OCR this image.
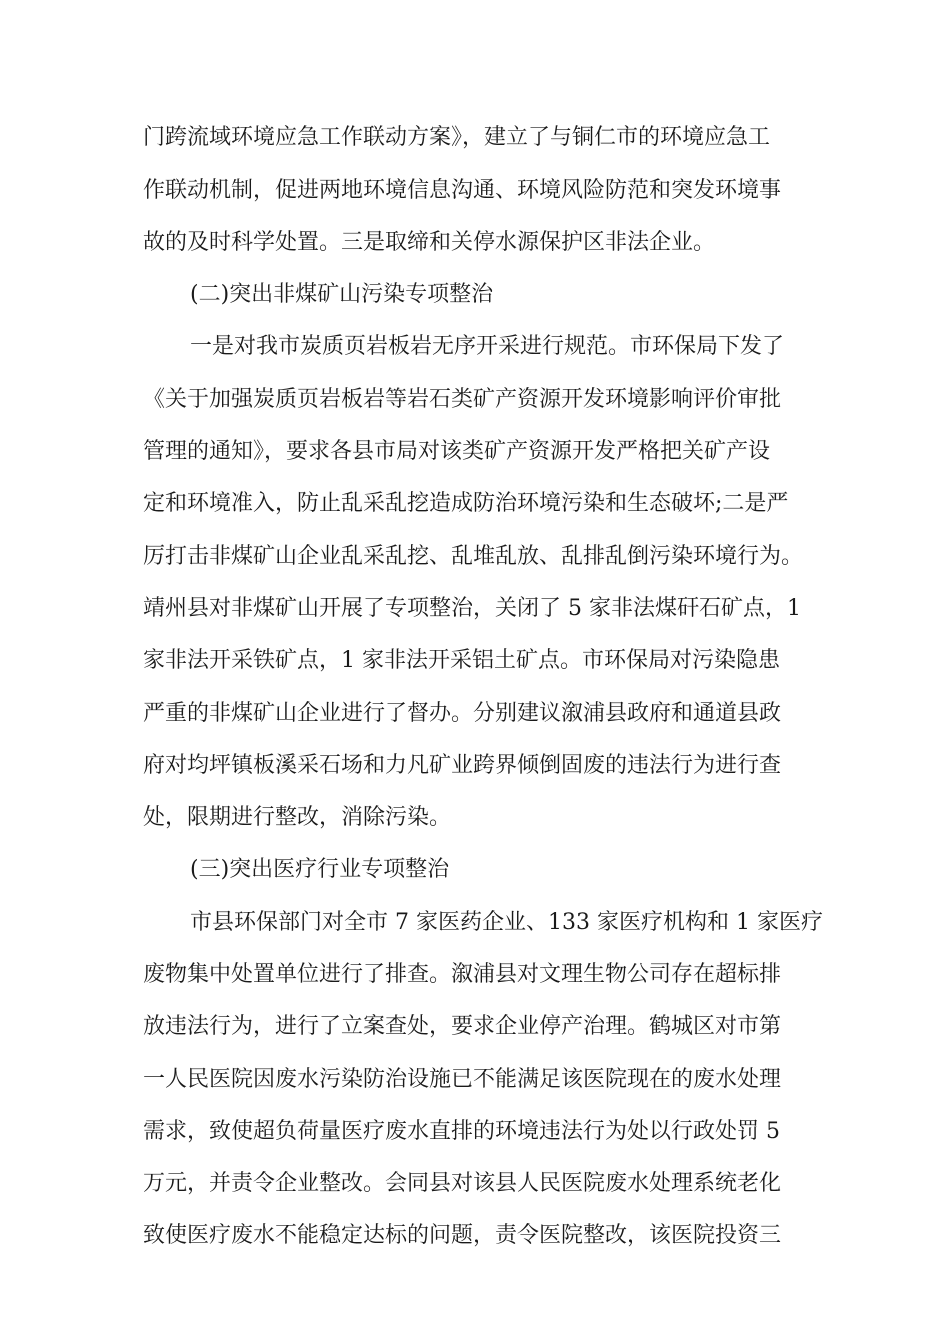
门跨流域环境应急工作联动方案》，建立了与铜仁市的环境应急工
作联动机制，促进两地环境信息沟通、环境风险防范和突发环境事
故的及时科学处置。三是取缔和关停水源保护区非法企业。
(二)突出非煤矿山污染专项整治
一是对我市炭质页岩板岩无序开采进行规范。市环保局下发了
《关于加强炭质页岩板岩等岩石类矿产资源开发环境影响评价审批
管理的通知》，要求各县市局对该类矿产资源开发严格把关矿产设
定和环境准入，防止乱采乱挖造成防治环境污染和生态破坏;二是严
厉打击非煤矿山企业乱采乱挖、乱堆乱放、乱排乱倒污染环境行为。
靖州县对非煤矿山开展了专项整治，关闭了 5 家非法煤矸石矿点，1
家非法开采铁矿点，1 家非法开采铝土矿点。市环保局对污染隐患
严重的非煤矿山企业进行了督办。分别建议溆浦县政府和通道县政
府对均坪镇板溪采石场和力凡矿业跨界倾倒固废的违法行为进行查
处，限期进行整改，消除污染。
(三)突出医疗行业专项整治
市县环保部门对全市 7 家医药企业、133 家医疗机构和 1 家医疗
废物集中处置单位进行了排查。溆浦县对文理生物公司存在超标排
放违法行为，进行了立案查处，要求企业停产治理。鹤城区对市第
一人民医院因废水污染防治设施已不能满足该医院现在的废水处理
需求，致使超负荷量医疗废水直排的环境违法行为处以行政处罚 5
万元，并责令企业整改。会同县对该县人民医院废水处理系统老化
致使医疗废水不能稳定达标的问题，责令医院整改，该医院投资三
